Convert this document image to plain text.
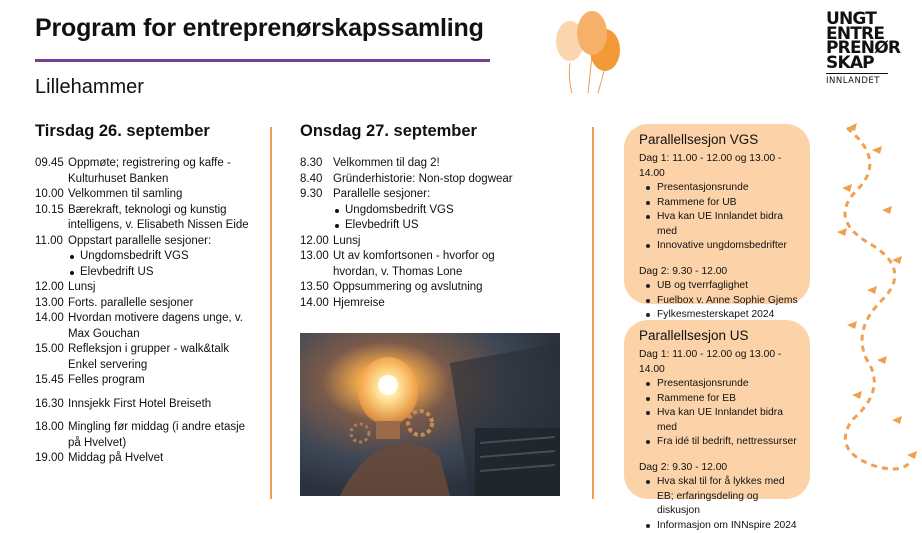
Program for entreprenørskapssamling
Lillehammer
UNGT
ENTRE
PRENØR
SKAP
INNLANDET
Tirsdag 26. september
09.45 Oppmøte; registrering og kaffe - Kulturhuset Banken
10.00 Velkommen til samling
10.15 Bærekraft, teknologi og kunstig intelligens, v. Elisabeth Nissen Eide
11.00 Oppstart parallelle sesjoner:
Ungdomsbedrift VGS
Elevbedrift US
12.00 Lunsj
13.00 Forts. parallelle sesjoner
14.00 Hvordan motivere dagens unge, v. Max Gouchan
15.00 Refleksjon i grupper - walk&talk Enkel servering
15.45 Felles program
16.30 Innsjekk First Hotel Breiseth
18.00 Mingling før middag (i andre etasje på Hvelvet)
19.00 Middag på Hvelvet
Onsdag 27. september
8.30 Velkommen til dag 2!
8.40 Gründerhistorie: Non-stop dogwear
9.30 Parallelle sesjoner:
Ungdomsbedrift VGS
Elevbedrift US
12.00 Lunsj
13.00 Ut av komfortsonen - hvorfor og hvordan, v. Thomas Lone
13.50 Oppsummering og avslutning
14.00 Hjemreise
Parallellsesjon VGS
Dag 1: 11.00 - 12.00 og 13.00 - 14.00
Presentasjonsrunde
Rammene for UB
Hva kan UE Innlandet bidra med
Innovative ungdomsbedrifter
Dag 2: 9.30 - 12.00
UB og tverrfaglighet
Fuelbox v. Anne Sophie Gjems
Fylkesmesterskapet 2024
Parallellsesjon US
Dag 1: 11.00 - 12.00 og 13.00 - 14.00
Presentasjonsrunde
Rammene for EB
Hva kan UE Innlandet bidra med
Fra idé til bedrift, nettressurser
Dag 2: 9.30 - 12.00
Hva skal til for å lykkes med EB; erfaringsdeling og diskusjon
Informasjon om INNspire 2024
